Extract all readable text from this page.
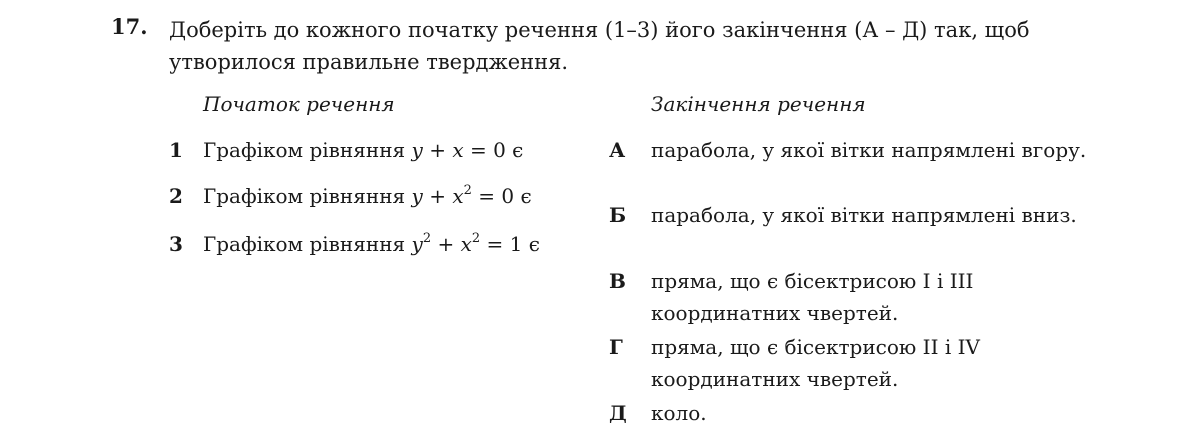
17. Доберіть до кожного початку речення (1–3) його закінчення (А – Д) так, щоб утворилося правильне твердження.
Початок речення	Закінчення речення
1 Графіком рівняння y + x = 0 є
2 Графіком рівняння $y + x^2 = 0$ є
3 Графіком рівняння $y^2 + x^2 = 1$ є
А	парабола, у якої вітки напрямлені вгору.
Б	парабола, у якої вітки напрямлені вниз.
В	пряма, що є бісектрисою I і III координатних чвертей.
Г	пряма, що є бісектрисою II і IV координатних чвертей.
Д	коло.
